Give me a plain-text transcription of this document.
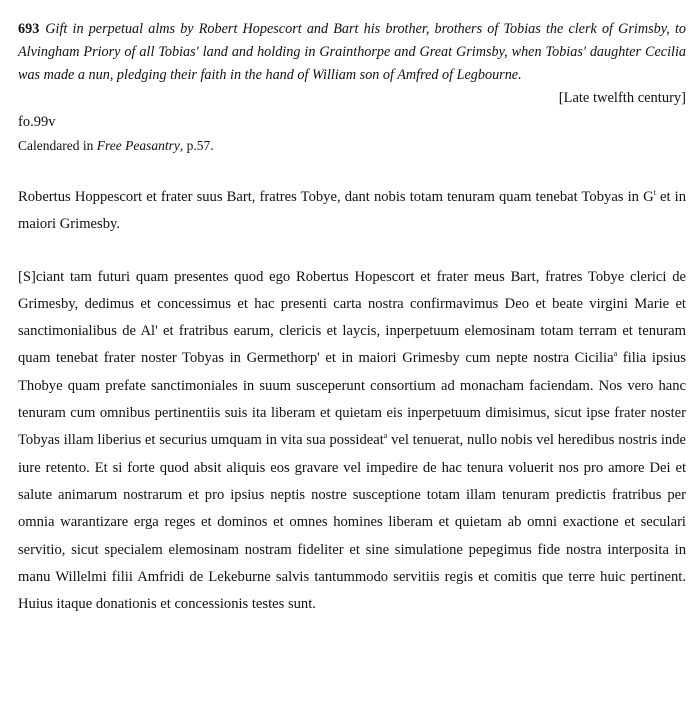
693 Gift in perpetual alms by Robert Hopescort and Bart his brother, brothers of Tobias the clerk of Grimsby, to Alvingham Priory of all Tobias' land and holding in Grainthorpe and Great Grimsby, when Tobias' daughter Cecilia was made a nun, pledging their faith in the hand of William son of Amfred of Legbourne.
[Late twelfth century]
fo.99v
Calendared in Free Peasantry, p.57.

Robertus Hoppescort et frater suus Bart, fratres Tobye, dant nobis totam tenuram quam tenebat Tobyas in $G^t$ et in maiori Grimesby.

[S]ciant tam futuri quam presentes quod ego Robertus Hopescort et frater meus Bart, fratres Tobye clerici de Grimesby, dedimus et concessimus et hac presenti carta nostra confirmavimus Deo et beate virgini Marie et sanctimonialibus de Al' et fratribus earum, clericis et laycis, inperpetuum elemosinam totam terram et tenuram quam tenebat frater noster Tobyas in Germethorp' et in maiori Grimesby cum nepte nostra Cicilia$^a$ filia ipsius Thobye quam prefate sanctimoniales in suum susceperunt consortium ad monacham faciendam. Nos vero hanc tenuram cum omnibus pertinentiis suis ita liberam et quietam eis inperpetuum dimisimus, sicut ipse frater noster Tobyas illam liberius et securius umquam in vita sua possideat$^a$ vel tenuerat, nullo nobis vel heredibus nostris inde iure retento. Et si forte quod absit aliquis eos gravare vel impedire de hac tenura voluerit nos pro amore Dei et salute animarum nostrarum et pro ipsius neptis nostre susceptione totam illam tenuram predictis fratribus per omnia warantizare erga reges et dominos et omnes homines liberam et quietam ab omni exactione et seculari servitio, sicut specialem elemosinam nostram fideliter et sine simulatione pepegimus fide nostra interposita in manu Willelmi filii Amfridi de Lekeburne salvis tantummodo servitiis regis et comitis que terre huic pertinent. Huius itaque donationis et concessionis testes sunt.
